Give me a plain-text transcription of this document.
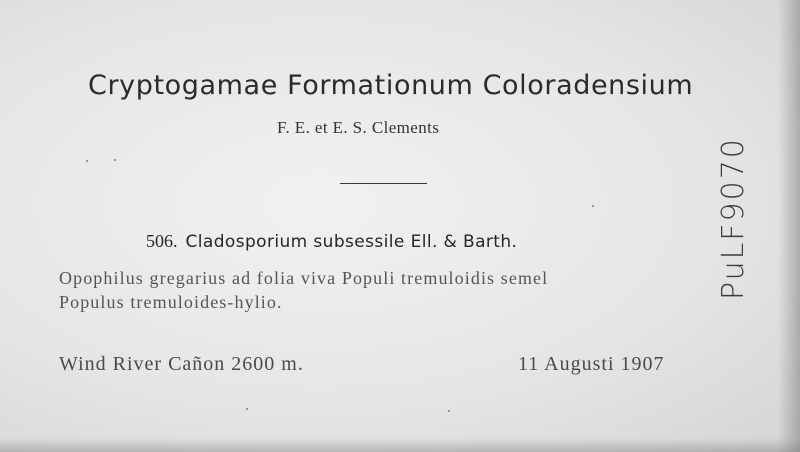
Cryptogamae Formationum Coloradensium
F. E. et E. S. Clements
506. Cladosporium subsessile Ell. & Barth.
Opophilus gregarius ad folia viva Populi tremuloidis semel
Populus tremuloides-hylio.
Wind River Cañon 2600 m.	11 Augusti 1907
PuLF9070
